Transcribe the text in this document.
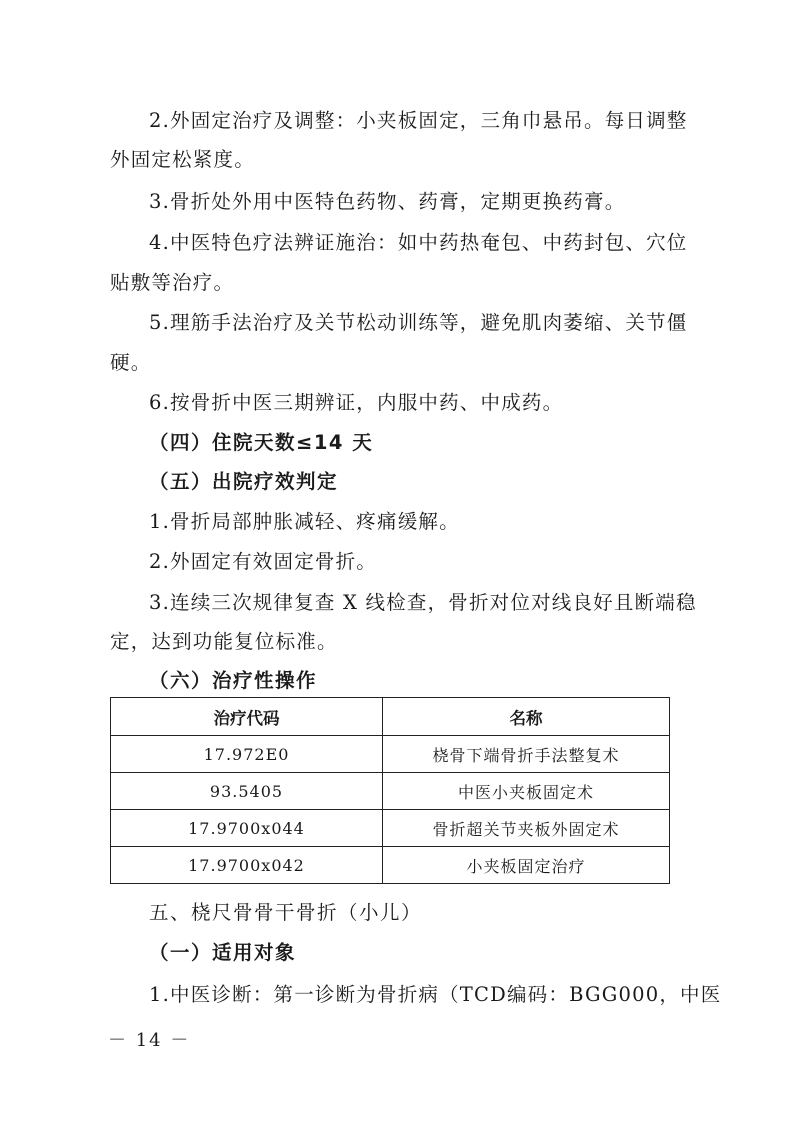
2.外固定治疗及调整：小夹板固定，三角巾悬吊。每日调整
外固定松紧度。
3.骨折处外用中医特色药物、药膏，定期更换药膏。
4.中医特色疗法辨证施治：如中药热奄包、中药封包、穴位
贴敷等治疗。
5.理筋手法治疗及关节松动训练等，避免肌肉萎缩、关节僵
硬。
6.按骨折中医三期辨证，内服中药、中成药。
（四）住院天数≤14 天
（五）出院疗效判定
1.骨折局部肿胀减轻、疼痛缓解。
2.外固定有效固定骨折。
3.连续三次规律复查 X 线检查，骨折对位对线良好且断端稳
定，达到功能复位标准。
（六）治疗性操作
治疗代码	名称
17.972E0	桡骨下端骨折手法整复术
93.5405	中医小夹板固定术
17.9700x044	骨折超关节夹板外固定术
17.9700x042	小夹板固定治疗
五、桡尺骨骨干骨折（小儿）
（一）适用对象
1.中医诊断：第一诊断为骨折病（TCD编码：BGG000，中医
－ 14 －
